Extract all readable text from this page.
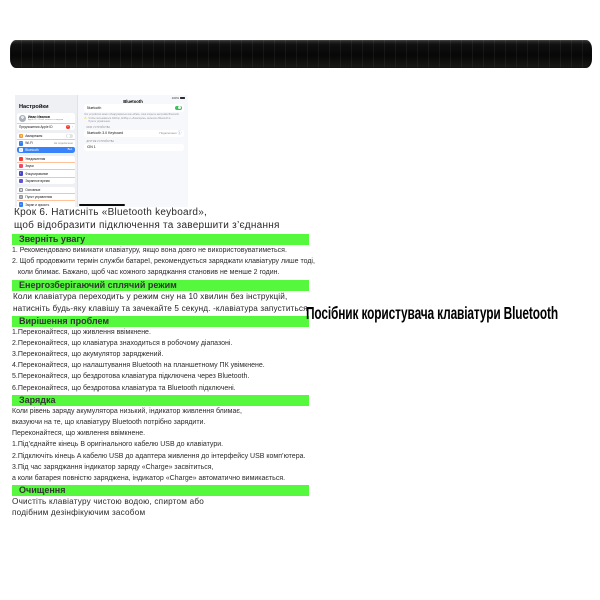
100%
Bluetooth
Настройки
Иван Иванов
Apple ID, iCloud, контент и покупки
Предложения Apple ID	1 ›
✈ Авиарежим
◠ Wi-Fi	Не подключено
ᛒ	Bluetooth	Вкл.
Уведомления
Звуки
☾ Фокусирование
Экранное время
✱ Основные
≡	Пункт управления
◐	Экран и яркость
Bluetooth
Это устройство может обнаруживаться как «iPad», пока открыты настройки Bluetooth.
⚠ Чтобы пользоваться AirDrop, AirPlay и «Локатором», включите Bluetooth в Пункте управления.
МОИ УСТРОЙСТВА
Bluetooth 3.0 Keyboard	Подключено ⓘ
ДРУГИЕ УСТРОЙСТВА
ION 1
Крок 6. Натисніть «Bluetooth keyboard»,
щоб відобразити підключення та завершити з’єднання
Зверніть увагу
1. Рекомендовано вимикати клавіатуру, якщо вона довго не використовуватиметься.
2. Щоб продовжити термін служби батареї, рекомендується заряджати клавіатуру лише тоді,
коли блимає. Бажано, щоб час кожного заряджання становив не менше 2 годин.
Енергозберігаючий сплячий режим
Коли клавіатура переходить у режим сну на 10 хвилин без інструкцій,
натисніть будь-яку клавішу та зачекайте 5 секунд. -клавіатура запуститься
Вирішення проблем
1.Переконайтеся, що живлення ввімкнене.
2.Переконайтеся, що клавіатура знаходиться в робочому діапазоні.
3.Переконайтеся, що акумулятор заряджений.
4.Переконайтеся, що налаштування Bluetooth на планшетному ПК увімкнене.
5.Переконайтеся, що бездротова клавіатура підключена через Bluetooth.
6.Переконайтеся, що бездротова клавіатура та Bluetooth підключені.
Зарядка
Коли рівень заряду акумулятора низький, індикатор живлення блимає,
вказуючи на те, що клавіатуру Bluetooth потрібно зарядити.
Переконайтеся, що живлення ввімкнене.
1.Під’єднайте кінець B оригінального кабелю USB до клавіатури.
2.Підключіть кінець A кабелю USB до адаптера живлення до інтерфейсу USB комп’ютера.
3.Під час заряджання індикатор заряду «Charge» засвітиться,
а коли батарея повністю заряджена, індикатор «Charge» автоматично вимикається.
Очищення
Очистіть клавіатуру чистою водою, спиртом або
подібним дезінфікуючим засобом
Посібник користувача клавіатури Bluetooth
